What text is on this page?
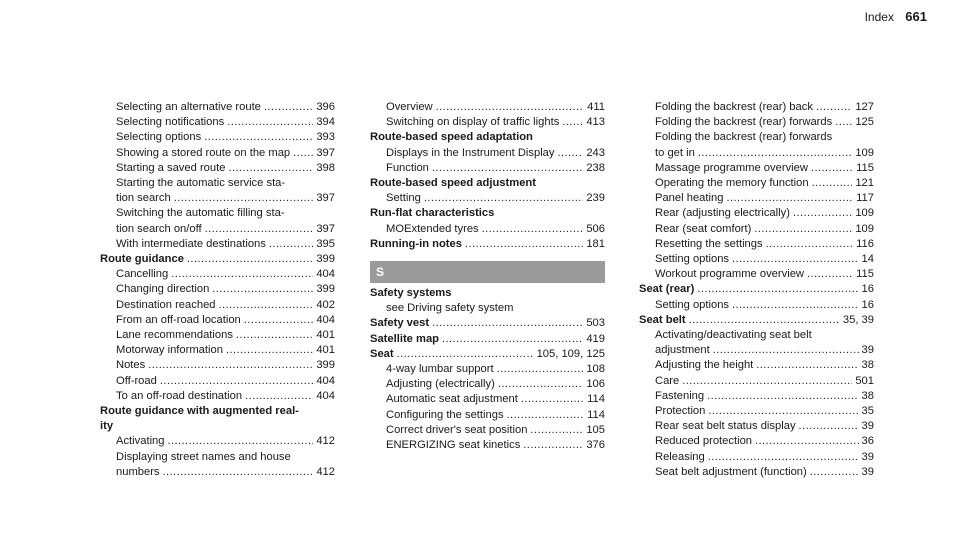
Index 661
Selecting an alternative route .....	396
Selecting notifications .....	394
Selecting options .....	393
Showing a stored route on the map ..... 397
Starting a saved route .....	398
Starting the automatic service sta-
tion search .....	397
Switching the automatic filling sta-
tion search on/off .....	397
With intermediate destinations .....	395
Route guidance .....	399
Cancelling .....	404
Changing direction .....	399
Destination reached .....	402
From an off-road location .....	404
Lane recommendations .....	401
Motorway information .....	401
Notes .....	399
Off-road .....	404
To an off-road destination .....	404
Route guidance with augmented real-
ity
Activating .....	412
Displaying street names and house
numbers .....	412
Overview .....	411
Switching on display of traffic lights ..... 413
Route-based speed adaptation
Displays in the Instrument Display .....	243
Function .....	238
Route-based speed adjustment
Setting .....	239
Run-flat characteristics
MOExtended tyres .....	506
Running-in notes .....	181
S
Safety systems
see Driving safety system
Safety vest .....	503
Satellite map .....	419
Seat .....	105, 109, 125
4-way lumbar support .....	108
Adjusting (electrically) .....	106
Automatic seat adjustment .....	114
Configuring the settings .....	114
Correct driver's seat position .....	105
ENERGIZING seat kinetics .....	376
Folding the backrest (rear) back .....	127
Folding the backrest (rear) forwards ..... 125
Folding the backrest (rear) forwards
to get in .....	109
Massage programme overview .....	115
Operating the memory function .....	121
Panel heating .....	117
Rear (adjusting electrically) .....	109
Rear (seat comfort) .....	109
Resetting the settings .....	116
Setting options .....	14
Workout programme overview .....	115
Seat (rear) .....	16
Setting options .....	16
Seat belt .....	35, 39
Activating/deactivating seat belt
adjustment .....	39
Adjusting the height .....	38
Care .....	501
Fastening .....	38
Protection .....	35
Rear seat belt status display .....	39
Reduced protection .....	36
Releasing .....	39
Seat belt adjustment (function) .....	39
